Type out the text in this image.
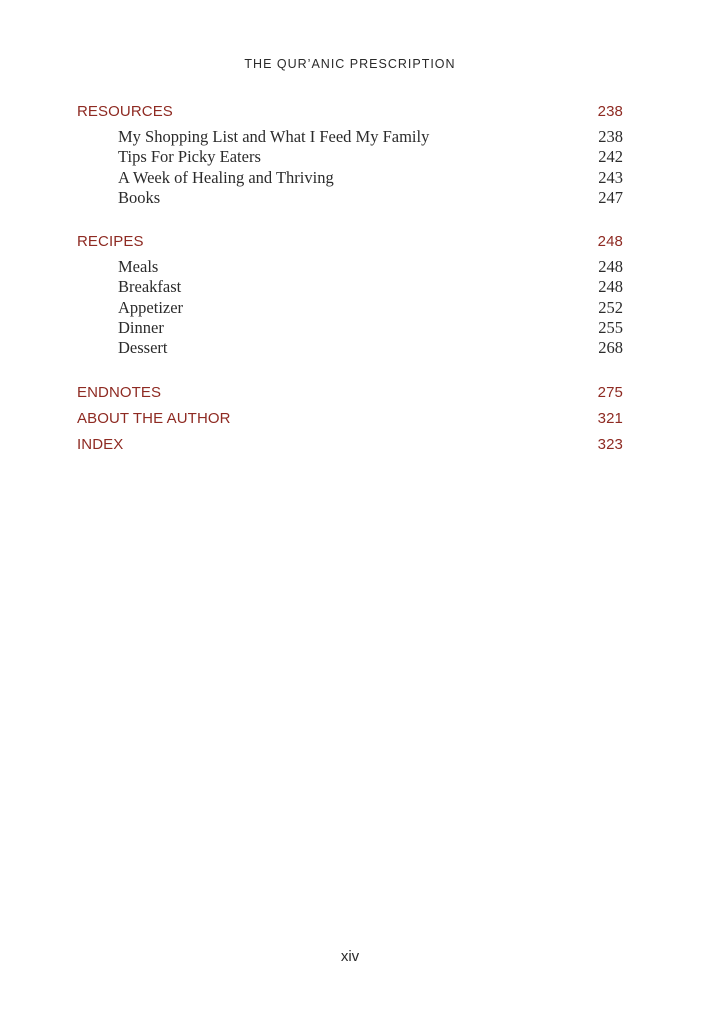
THE QUR’ANIC PRESCRIPTION
RESOURCES	238
My Shopping List and What I Feed My Family	238
Tips For Picky Eaters	242
A Week of Healing and Thriving	243
Books	247
RECIPES	248
Meals	248
Breakfast	248
Appetizer	252
Dinner	255
Dessert	268
ENDNOTES	275
ABOUT THE AUTHOR	321
INDEX	323
xiv
